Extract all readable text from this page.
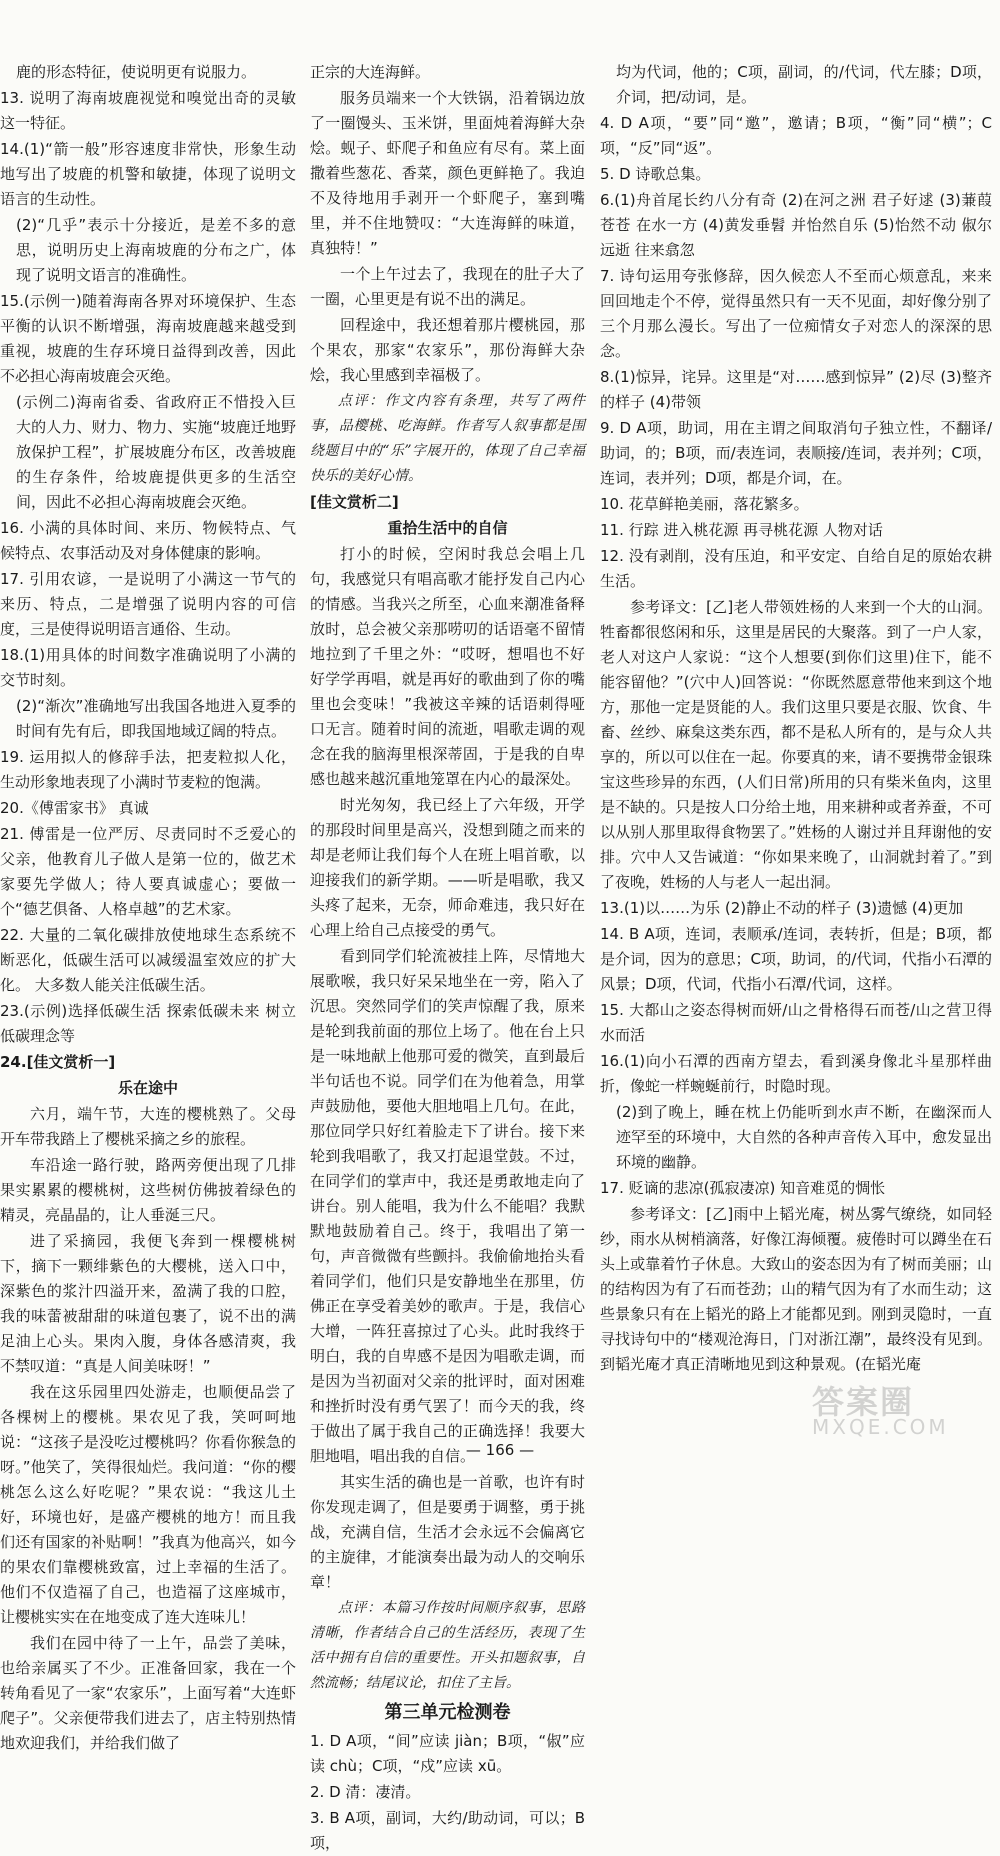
鹿的形态特征，使说明更有说服力。
13. 说明了海南坡鹿视觉和嗅觉出奇的灵敏这一特征。
14.(1)“箭一般”形容速度非常快，形象生动地写出了坡鹿的机警和敏捷，体现了说明文语言的生动性。
(2)“几乎”表示十分接近，是差不多的意思，说明历史上海南坡鹿的分布之广，体现了说明文语言的准确性。
15.(示例一)随着海南各界对环境保护、生态平衡的认识不断增强，海南坡鹿越来越受到重视，坡鹿的生存环境日益得到改善，因此不必担心海南坡鹿会灭绝。
(示例二)海南省委、省政府正不惜投入巨大的人力、财力、物力、实施“坡鹿迁地野放保护工程”，扩展坡鹿分布区，改善坡鹿的生存条件，给坡鹿提供更多的生活空间，因此不必担心海南坡鹿会灭绝。
16. 小满的具体时间、来历、物候特点、气候特点、农事活动及对身体健康的影响。
17. 引用农谚，一是说明了小满这一节气的来历、特点，二是增强了说明内容的可信度，三是使得说明语言通俗、生动。
18.(1)用具体的时间数字准确说明了小满的交节时刻。
(2)“渐次”准确地写出我国各地进入夏季的时间有先有后，即我国地域辽阔的特点。
19. 运用拟人的修辞手法，把麦粒拟人化，生动形象地表现了小满时节麦粒的饱满。
20.《傅雷家书》 真诚
21. 傅雷是一位严厉、尽责同时不乏爱心的父亲，他教育儿子做人是第一位的，做艺术家要先学做人；待人要真诚虚心；要做一个“德艺俱备、人格卓越”的艺术家。
22. 大量的二氧化碳排放使地球生态系统不断恶化，低碳生活可以减缓温室效应的扩大化。 大多数人能关注低碳生活。
23.(示例)选择低碳生活 探索低碳未来 树立低碳理念等
24.[佳文赏析一]
乐在途中
六月，端午节，大连的樱桃熟了。父母开车带我踏上了樱桃采摘之乡的旅程。
车沿途一路行驶，路两旁便出现了几排果实累累的樱桃树，这些树仿佛披着绿色的精灵，亮晶晶的，让人垂涎三尺。
进了采摘园，我便飞奔到一棵樱桃树下，摘下一颗绯紫色的大樱桃，送入口中，深紫色的浆汁四溢开来，盈满了我的口腔，我的味蕾被甜甜的味道包裹了，说不出的满足油上心头。果肉入腹，身体各感清爽，我不禁叹道：“真是人间美味呀！”
我在这乐园里四处游走，也顺便品尝了各棵树上的樱桃。果农见了我，笑呵呵地说：“这孩子是没吃过樱桃吗？你看你猴急的呀。”他笑了，笑得很灿烂。我问道：“你的樱桃怎么这么好吃呢？”果农说：“我这儿土好，环境也好，是盛产樱桃的地方！而且我们还有国家的补贴啊！”我真为他高兴，如今的果农们靠樱桃致富，过上幸福的生活了。他们不仅造福了自己，也造福了这座城市，让樱桃实实在在地变成了连大连味儿！
我们在园中待了一上午，品尝了美味，也给亲属买了不少。正准备回家，我在一个转角看见了一家“农家乐”，上面写着“大连虾爬子”。父亲便带我们进去了，店主特别热情地欢迎我们，并给我们做了
正宗的大连海鲜。
服务员端来一个大铁锅，沿着锅边放了一圈馒头、玉米饼，里面炖着海鲜大杂烩。蚬子、虾爬子和鱼应有尽有。菜上面撒着些葱花、香菜，颜色更鲜艳了。我迫不及待地用手剥开一个虾爬子，塞到嘴里，并不住地赞叹：“大连海鲜的味道，真独特！”
一个上午过去了，我现在的肚子大了一圈，心里更是有说不出的满足。
回程途中，我还想着那片樱桃园，那个果农，那家“农家乐”，那份海鲜大杂烩，我心里感到幸福极了。
点评：作文内容有条理，共写了两件事，品樱桃、吃海鲜。作者写人叙事都是围绕题目中的“乐”字展开的，体现了自己幸福快乐的美好心情。
[佳文赏析二]
重拾生活中的自信
打小的时候，空闲时我总会唱上几句，我感觉只有唱高歌才能抒发自己内心的情感。当我兴之所至，心血来潮准备释放时，总会被父亲那唠叨的话语毫不留情地拉到了千里之外：“哎呀，想唱也不好好学学再唱，就是再好的歌曲到了你的嘴里也会变味！”我被这辛辣的话语刺得哑口无言。随着时间的流逝，唱歌走调的观念在我的脑海里根深蒂固，于是我的自卑感也越来越沉重地笼罩在内心的最深处。
时光匆匆，我已经上了六年级，开学的那段时间里是高兴，没想到随之而来的却是老师让我们每个人在班上唱首歌，以迎接我们的新学期。——听是唱歌，我又头疼了起来，无奈，师命难违，我只好在心理上给自己点接受的勇气。
看到同学们轮流被挂上阵，尽情地大展歌喉，我只好呆呆地坐在一旁，陷入了沉思。突然同学们的笑声惊醒了我，原来是轮到我前面的那位上场了。他在台上只是一味地献上他那可爱的微笑，直到最后半句话也不说。同学们在为他着急，用掌声鼓励他，要他大胆地唱上几句。在此，那位同学只好红着脸走下了讲台。接下来轮到我唱歌了，我又打起退堂鼓。不过，在同学们的掌声中，我还是勇敢地走向了讲台。别人能唱，我为什么不能唱？我默默地鼓励着自己。终于，我唱出了第一句，声音微微有些颤抖。我偷偷地抬头看着同学们，他们只是安静地坐在那里，仿佛正在享受着美妙的歌声。于是，我信心大增，一阵狂喜掠过了心头。此时我终于明白，我的自卑感不是因为唱歌走调，而是因为当初面对父亲的批评时，面对困难和挫折时没有勇气罢了！而今天的我，终于做出了属于我自己的正确选择！我要大胆地唱，唱出我的自信。
其实生活的确也是一首歌，也许有时你发现走调了，但是要勇于调整，勇于挑战，充满自信，生活才会永远不会偏离它的主旋律，才能演奏出最为动人的交响乐章！
点评：本篇习作按时间顺序叙事，思路清晰，作者结合自己的生活经历，表现了生活中拥有自信的重要性。开头扣题叙事，自然流畅；结尾议论，扣住了主旨。
第三单元检测卷
1. D A项，“间”应读 jiàn；B项，“俶”应读 chù；C项，“戍”应读 xū。
2. D 清：凄清。
3. B A项，副词，大约/助动词，可以；B项，
均为代词，他的；C项，副词，的/代词，代左膝；D项，介词，把/动词，是。
4. D A项，“要”同“邀”，邀请；B项，“衡”同“横”；C项，“反”同“返”。
5. D 诗歌总集。
6.(1)舟首尾长约八分有奇 (2)在河之洲 君子好逑 (3)蒹葭苍苍 在水一方 (4)黄发垂髫 并怡然自乐 (5)怡然不动 俶尔远逝 往来翕忽
7. 诗句运用夸张修辞，因久候恋人不至而心烦意乱，来来回回地走个不停，觉得虽然只有一天不见面，却好像分别了三个月那么漫长。写出了一位痴情女子对恋人的深深的思念。
8.(1)惊异，诧异。这里是“对……感到惊异” (2)尽 (3)整齐的样子 (4)带领
9. D A项，助词，用在主谓之间取消句子独立性，不翻译/助词，的；B项，而/表连词，表顺接/连词，表并列；C项，连词，表并列；D项，都是介词，在。
10. 花草鲜艳美丽，落花繁多。
11. 行踪 进入桃花源 再寻桃花源 人物对话
12. 没有剥削，没有压迫，和平安定、自给自足的原始农耕生活。
参考译文：[乙]老人带领姓杨的人来到一个大的山洞。牲畜都很悠闲和乐，这里是居民的大聚落。到了一户人家，老人对这户人家说：“这个人想要(到你们这里)住下，能不能容留他？”(穴中人)回答说：“你既然愿意带他来到这个地方，那他一定是贤能的人。我们这里只要是衣服、饮食、牛畜、丝纱、麻枲这类东西，都不是私人所有的，是与众人共享的，所以可以住在一起。你要真的来，请不要携带金银珠宝这些珍异的东西，(人们日常)所用的只有柴米鱼肉，这里是不缺的。只是按人口分给土地，用来耕种或者养蚕，不可以从别人那里取得食物罢了。”姓杨的人谢过并且拜谢他的安排。穴中人又告诫道：“你如果来晚了，山洞就封着了。”到了夜晚，姓杨的人与老人一起出洞。
13.(1)以……为乐 (2)静止不动的样子 (3)遗憾 (4)更加
14. B A项，连词，表顺承/连词，表转折，但是；B项，都是介词，因为的意思；C项，助词，的/代词，代指小石潭的风景；D项，代词，代指小石潭/代词，这样。
15. 大都山之姿态得树而妍/山之骨格得石而苍/山之营卫得水而活
16.(1)向小石潭的西南方望去，看到溪身像北斗星那样曲折，像蛇一样蜿蜒前行，时隐时现。
(2)到了晚上，睡在枕上仍能听到水声不断，在幽深而人迹罕至的环境中，大自然的各种声音传入耳中，愈发显出环境的幽静。
17. 贬谪的悲凉(孤寂凄凉) 知音难觅的惆怅
参考译文：[乙]雨中上韬光庵，树丛雾气缭绕，如同轻纱，雨水从树梢滴落，好像江海倾覆。疲倦时可以蹲坐在石头上或靠着竹子休息。大致山的姿态因为有了树而美丽；山的结构因为有了石而苍劲；山的精气因为有了水而生动；这些景象只有在上韬光的路上才能都见到。刚到灵隐时，一直寻找诗句中的“楼观沧海日，门对浙江潮”，最终没有见到。到韬光庵才真正清晰地见到这种景观。(在韬光庵
— 166 —
答案圈
MXQE.COM
